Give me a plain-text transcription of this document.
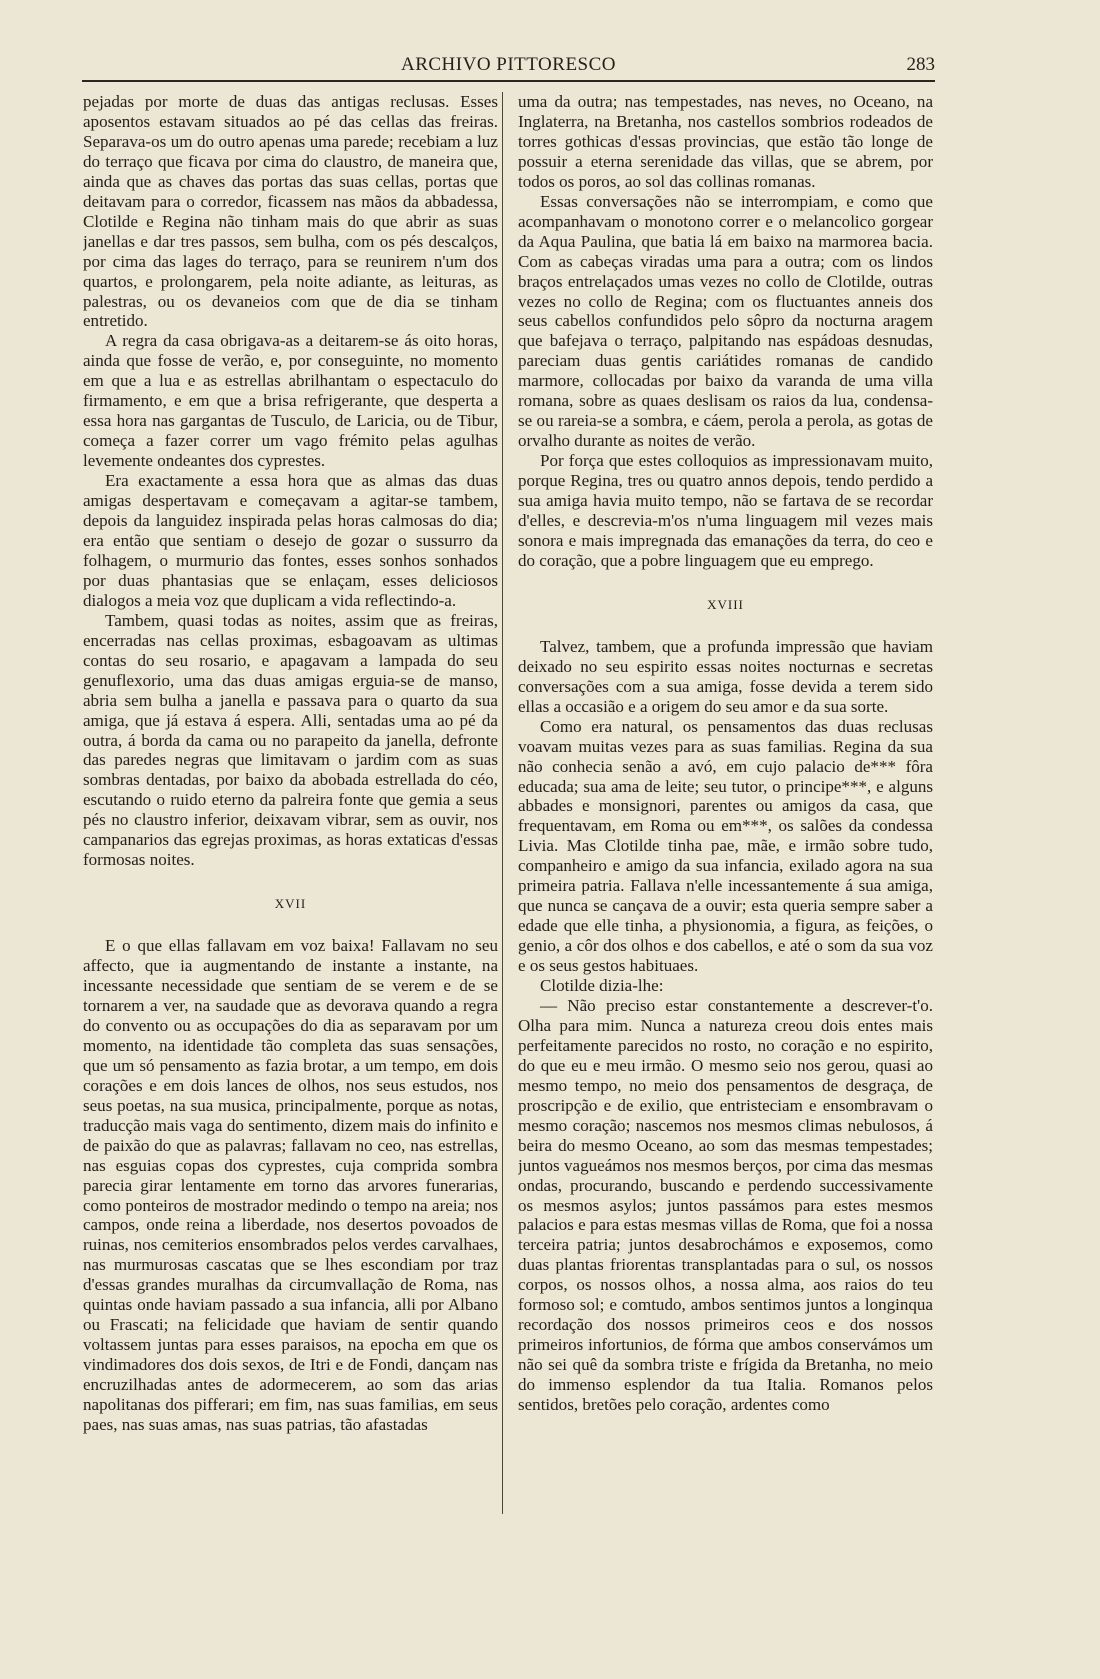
ARCHIVO PITTORESCO	283

pejadas por morte de duas das antigas reclusas. Esses aposentos estavam situados ao pé das cellas das freiras. Separava-os um do outro apenas uma parede; recebiam a luz do terraço que ficava por cima do claustro, de maneira que, ainda que as chaves das portas das suas cellas, portas que deitavam para o corredor, ficassem nas mãos da abbadessa, Clotilde e Regina não tinham mais do que abrir as suas janellas e dar tres passos, sem bulha, com os pés descalços, por cima das lages do terraço, para se reunirem n'um dos quartos, e prolongarem, pela noite adiante, as leituras, as palestras, ou os devaneios com que de dia se tinham entretido.

A regra da casa obrigava-as a deitarem-se ás oito horas, ainda que fosse de verão, e, por conseguinte, no momento em que a lua e as estrellas abrilhantam o espectaculo do firmamento, e em que a brisa refrigerante, que desperta a essa hora nas gargantas de Tusculo, de Laricia, ou de Tibur, começa a fazer correr um vago frémito pelas agulhas levemente ondeantes dos cyprestes.

Era exactamente a essa hora que as almas das duas amigas despertavam e começavam a agitar-se tambem, depois da languidez inspirada pelas horas calmosas do dia; era então que sentiam o desejo de gozar o sussurro da folhagem, o murmurio das fontes, esses sonhos sonhados por duas phantasias que se enlaçam, esses deliciosos dialogos a meia voz que duplicam a vida reflectindo-a.

Tambem, quasi todas as noites, assim que as freiras, encerradas nas cellas proximas, esbagoavam as ultimas contas do seu rosario, e apagavam a lampada do seu genuflexorio, uma das duas amigas erguia-se de manso, abria sem bulha a janella e passava para o quarto da sua amiga, que já estava á espera. Alli, sentadas uma ao pé da outra, á borda da cama ou no parapeito da janella, defronte das paredes negras que limitavam o jardim com as suas sombras dentadas, por baixo da abobada estrellada do céo, escutando o ruido eterno da palreira fonte que gemia a seus pés no claustro inferior, deixavam vibrar, sem as ouvir, nos campanarios das egrejas proximas, as horas extaticas d'essas formosas noites.

XVII

E o que ellas fallavam em voz baixa! Fallavam no seu affecto, que ia augmentando de instante a instante, na incessante necessidade que sentiam de se verem e de se tornarem a ver, na saudade que as devorava quando a regra do convento ou as occupações do dia as separavam por um momento, na identidade tão completa das suas sensações, que um só pensamento as fazia brotar, a um tempo, em dois corações e em dois lances de olhos, nos seus estudos, nos seus poetas, na sua musica, principalmente, porque as notas, traducção mais vaga do sentimento, dizem mais do infinito e de paixão do que as palavras; fallavam no ceo, nas estrellas, nas esguias copas dos cyprestes, cuja comprida sombra parecia girar lentamente em torno das arvores funerarias, como ponteiros de mostrador medindo o tempo na areia; nos campos, onde reina a liberdade, nos desertos povoados de ruinas, nos cemiterios ensombrados pelos verdes carvalhaes, nas murmurosas cascatas que se lhes escondiam por traz d'essas grandes muralhas da circumvallação de Roma, nas quintas onde haviam passado a sua infancia, alli por Albano ou Frascati; na felicidade que haviam de sentir quando voltassem juntas para esses paraisos, na epocha em que os vindimadores dos dois sexos, de Itri e de Fondi, dançam nas encruzilhadas antes de adormecerem, ao som das arias napolitanas dos pifferari; em fim, nas suas familias, em seus paes, nas suas amas, nas suas patrias, tão afastadas

uma da outra; nas tempestades, nas neves, no Oceano, na Inglaterra, na Bretanha, nos castellos sombrios rodeados de torres gothicas d'essas provincias, que estão tão longe de possuir a eterna serenidade das villas, que se abrem, por todos os poros, ao sol das collinas romanas.

Essas conversações não se interrompiam, e como que acompanhavam o monotono correr e o melancolico gorgear da Aqua Paulina, que batia lá em baixo na marmorea bacia. Com as cabeças viradas uma para a outra; com os lindos braços entrelaçados umas vezes no collo de Clotilde, outras vezes no collo de Regina; com os fluctuantes anneis dos seus cabellos confundidos pelo sôpro da nocturna aragem que bafejava o terraço, palpitando nas espádoas desnudas, pareciam duas gentis cariátides romanas de candido marmore, collocadas por baixo da varanda de uma villa romana, sobre as quaes deslisam os raios da lua, condensa-se ou rareia-se a sombra, e cáem, perola a perola, as gotas de orvalho durante as noites de verão.

Por força que estes colloquios as impressionavam muito, porque Regina, tres ou quatro annos depois, tendo perdido a sua amiga havia muito tempo, não se fartava de se recordar d'elles, e descrevia-m'os n'uma linguagem mil vezes mais sonora e mais impregnada das emanações da terra, do ceo e do coração, que a pobre linguagem que eu emprego.

XVIII

Talvez, tambem, que a profunda impressão que haviam deixado no seu espirito essas noites nocturnas e secretas conversações com a sua amiga, fosse devida a terem sido ellas a occasião e a origem do seu amor e da sua sorte.

Como era natural, os pensamentos das duas reclusas voavam muitas vezes para as suas familias. Regina da sua não conhecia senão a avó, em cujo palacio de*** fôra educada; sua ama de leite; seu tutor, o principe***, e alguns abbades e monsignori, parentes ou amigos da casa, que frequentavam, em Roma ou em***, os salões da condessa Livia. Mas Clotilde tinha pae, mãe, e irmão sobre tudo, companheiro e amigo da sua infancia, exilado agora na sua primeira patria. Fallava n'elle incessantemente á sua amiga, que nunca se cançava de a ouvir; esta queria sempre saber a edade que elle tinha, a physionomia, a figura, as feições, o genio, a côr dos olhos e dos cabellos, e até o som da sua voz e os seus gestos habituaes.

Clotilde dizia-lhe:

— Não preciso estar constantemente a descrever-t'o. Olha para mim. Nunca a natureza creou dois entes mais perfeitamente parecidos no rosto, no coração e no espirito, do que eu e meu irmão. O mesmo seio nos gerou, quasi ao mesmo tempo, no meio dos pensamentos de desgraça, de proscripção e de exilio, que entristeciam e ensombravam o mesmo coração; nascemos nos mesmos climas nebulosos, á beira do mesmo Oceano, ao som das mesmas tempestades; juntos vagueámos nos mesmos berços, por cima das mesmas ondas, procurando, buscando e perdendo successivamente os mesmos asylos; juntos passámos para estes mesmos palacios e para estas mesmas villas de Roma, que foi a nossa terceira patria; juntos desabrochámos e exposemos, como duas plantas friorentas transplantadas para o sul, os nossos corpos, os nossos olhos, a nossa alma, aos raios do teu formoso sol; e comtudo, ambos sentimos juntos a longinqua recordação dos nossos primeiros ceos e dos nossos primeiros infortunios, de fórma que ambos conservámos um não sei quê da sombra triste e frígida da Bretanha, no meio do immenso esplendor da tua Italia. Romanos pelos sentidos, bretões pelo coração, ardentes como
